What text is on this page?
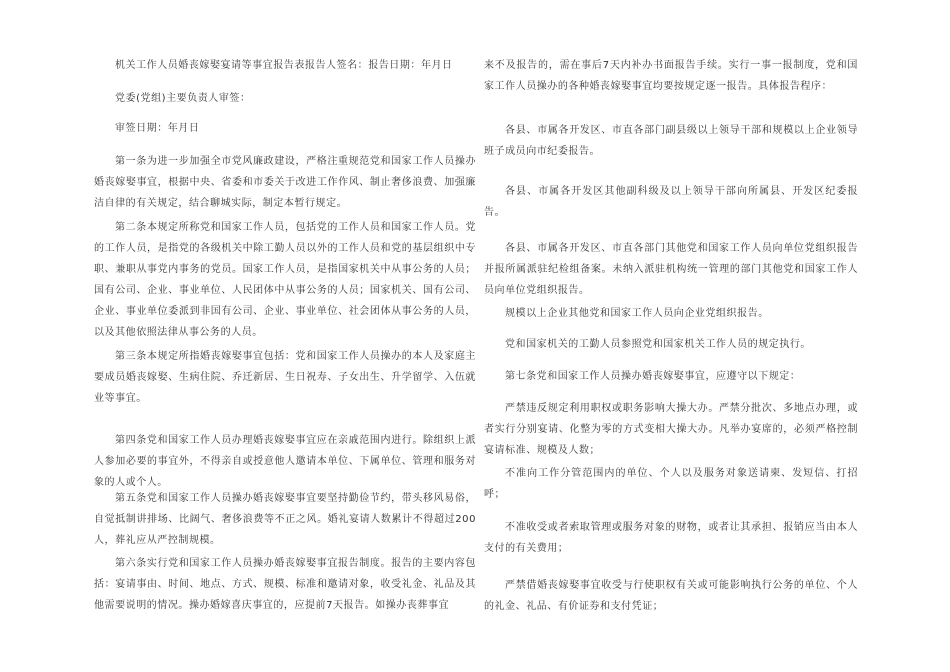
机关工作人员婚丧嫁娶宴请等事宜报告表报告人签名：报告日期：年月日

党委(党组)主要负责人审签：

审签日期：年月日

第一条为进一步加强全市党风廉政建设，严格注重规范党和国家工作人员操办婚丧嫁娶事宜，根据中央、省委和市委关于改进工作作风、制止奢侈浪费、加强廉洁自律的有关规定，结合聊城实际，制定本暂行规定。

第二条本规定所称党和国家工作人员，包括党的工作人员和国家工作人员。党的工作人员，是指党的各级机关中除工勤人员以外的工作人员和党的基层组织中专职、兼职从事党内事务的党员。国家工作人员，是指国家机关中从事公务的人员；国有公司、企业、事业单位、人民团体中从事公务的人员；国家机关、国有公司、企业、事业单位委派到非国有公司、企业、事业单位、社会团体从事公务的人员，以及其他依照法律从事公务的人员。

第三条本规定所指婚丧嫁娶事宜包括：党和国家工作人员操办的本人及家庭主要成员婚丧嫁娶、生病住院、乔迁新居、生日祝寿、子女出生、升学留学、入伍就业等事宜。

第四条党和国家工作人员办理婚丧嫁娶事宜应在亲戚范围内进行。除组织上派人参加必要的事宜外，不得亲自或授意他人邀请本单位、下属单位、管理和服务对象的人或个人。

第五条党和国家工作人员操办婚丧嫁娶事宜要坚持勤俭节约，带头移风易俗，自觉抵制讲排场、比阔气、奢侈浪费等不正之风。婚礼宴请人数累计不得超过200人，葬礼应从严控制规模。

第六条实行党和国家工作人员操办婚丧嫁娶事宜报告制度。报告的主要内容包括：宴请事由、时间、地点、方式、规模、标准和邀请对象，收受礼金、礼品及其他需要说明的情况。操办婚嫁喜庆事宜的，应提前7天报告。如操办丧葬事宜

来不及报告的，需在事后7天内补办书面报告手续。实行一事一报制度，党和国家工作人员操办的各种婚丧嫁娶事宜均要按规定逐一报告。具体报告程序：

各县、市属各开发区、市直各部门副县级以上领导干部和规模以上企业领导班子成员向市纪委报告。

各县、市属各开发区其他副科级及以上领导干部向所属县、开发区纪委报告。

各县、市属各开发区、市直各部门其他党和国家工作人员向单位党组织报告并报所属派驻纪检组备案。未纳入派驻机构统一管理的部门其他党和国家工作人员向单位党组织报告。

规模以上企业其他党和国家工作人员向企业党组织报告。

党和国家机关的工勤人员参照党和国家机关工作人员的规定执行。

第七条党和国家工作人员操办婚丧嫁娶事宜，应遵守以下规定：

严禁违反规定利用职权或职务影响大操大办。严禁分批次、多地点办理，或者实行分别宴请、化整为零的方式变相大操大办。凡举办宴席的，必须严格控制宴请标准、规模及人数；

不准向工作分管范围内的单位、个人以及服务对象送请柬、发短信、打招呼；

不准收受或者索取管理或服务对象的财物，或者让其承担、报销应当由本人支付的有关费用；

严禁借婚丧嫁娶事宜收受与行使职权有关或可能影响执行公务的单位、个人的礼金、礼品、有价证券和支付凭证；
